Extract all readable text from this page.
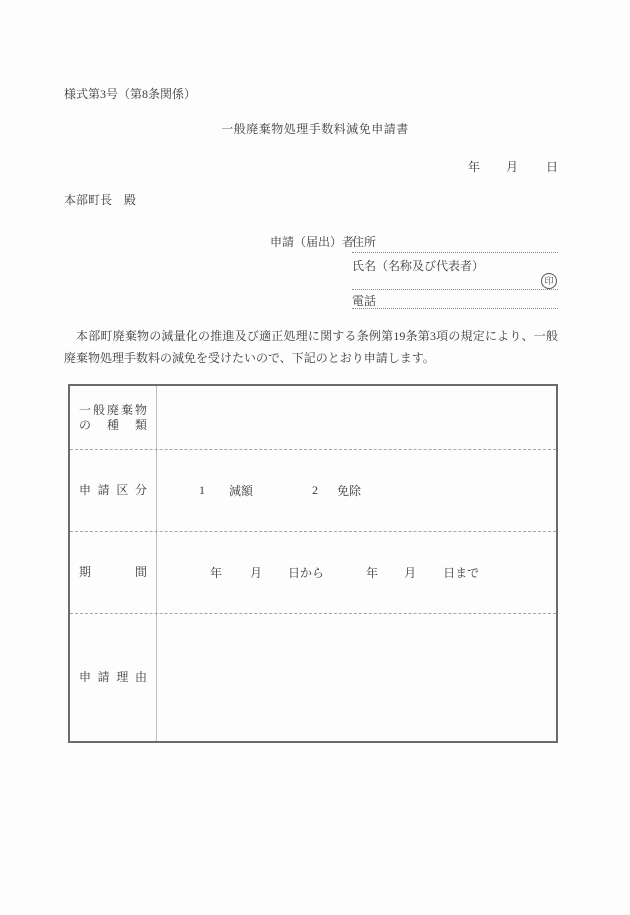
様式第3号（第8条関係）
一般廃棄物処理手数料減免申請書
年 月 日
本部町長　殿
申請（届出）者
住所
氏名（名称及び代表者）
印
電話
本部町廃棄物の減量化の推進及び適正処理に関する条例第19条第3項の規定により、一般廃棄物処理手数料の減免を受けたいので、下記のとおり申請します。
一般廃棄物
の種類
申請区分	1 減額	2 免除
期間	年 月 日から	年 月 日まで
申請理由
